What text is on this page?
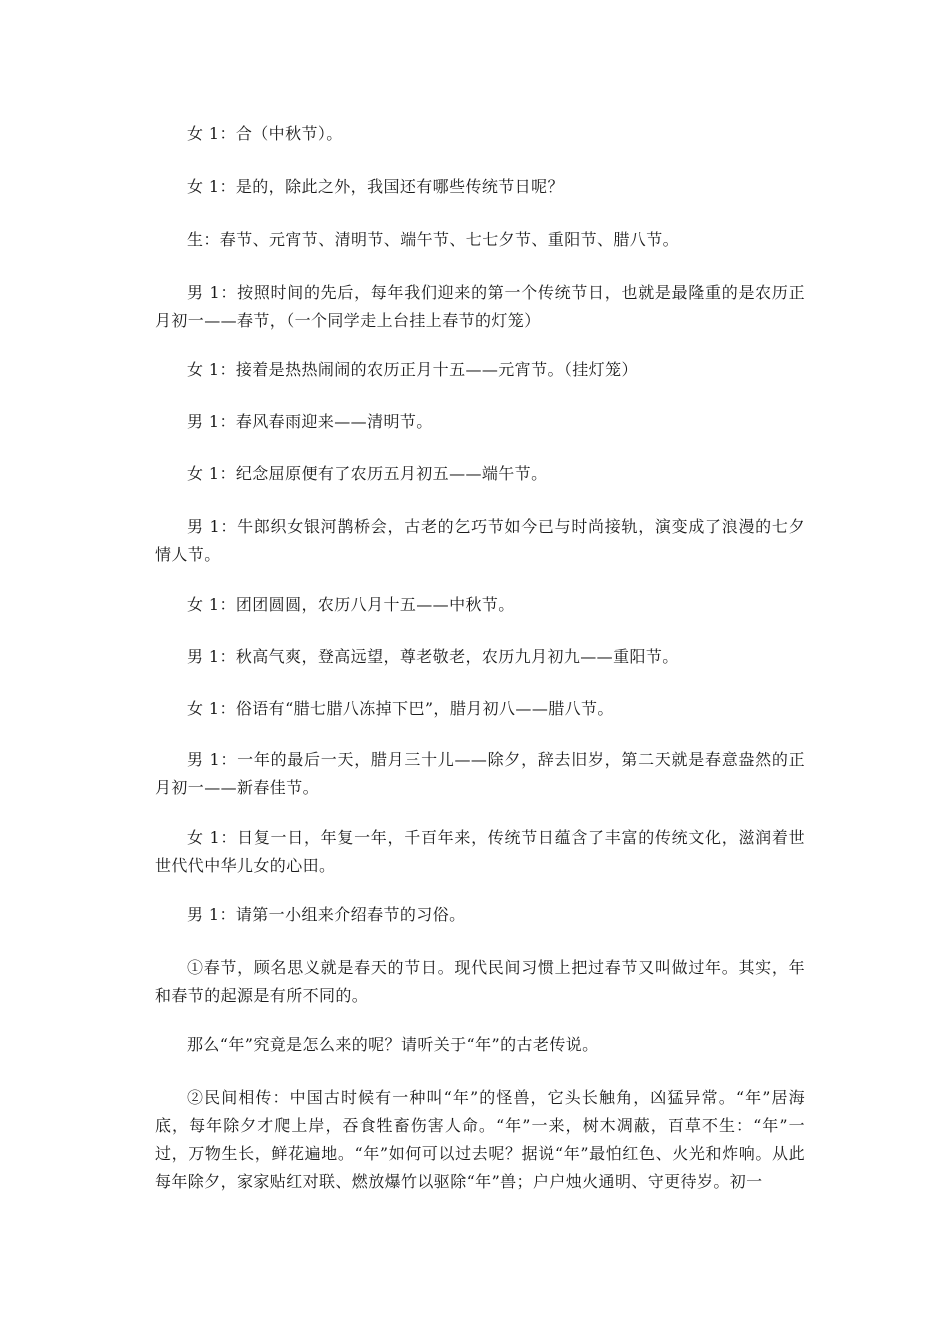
女 1：合（中秋节）。

女 1：是的，除此之外，我国还有哪些传统节日呢？

生：春节、元宵节、清明节、端午节、七七夕节、重阳节、腊八节。

男 1：按照时间的先后，每年我们迎来的第一个传统节日，也就是最隆重的是农历正月初一——春节，（一个同学走上台挂上春节的灯笼）

女 1：接着是热热闹闹的农历正月十五——元宵节。（挂灯笼）

男 1：春风春雨迎来——清明节。

女 1：纪念屈原便有了农历五月初五——端午节。

男 1：牛郎织女银河鹊桥会，古老的乞巧节如今已与时尚接轨，演变成了浪漫的七夕情人节。

女 1：团团圆圆，农历八月十五——中秋节。

男 1：秋高气爽，登高远望，尊老敬老，农历九月初九——重阳节。

女 1：俗语有“腊七腊八冻掉下巴”，腊月初八——腊八节。

男 1：一年的最后一天，腊月三十儿——除夕，辞去旧岁，第二天就是春意盎然的正月初一——新春佳节。

女 1：日复一日，年复一年，千百年来，传统节日蕴含了丰富的传统文化，滋润着世世代代中华儿女的心田。

男 1：请第一小组来介绍春节的习俗。

①春节，顾名思义就是春天的节日。现代民间习惯上把过春节又叫做过年。其实，年和春节的起源是有所不同的。

那么“年”究竟是怎么来的呢？请听关于“年”的古老传说。

②民间相传：中国古时候有一种叫“年”的怪兽，它头长触角，凶猛异常。“年”居海底，每年除夕才爬上岸，吞食牲畜伤害人命。“年”一来，树木凋蔽，百草不生：“年”一过，万物生长，鲜花遍地。“年”如何可以过去呢？据说“年”最怕红色、火光和炸响。从此每年除夕，家家贴红对联、燃放爆竹以驱除“年”兽；户户烛火通明、守更待岁。初一
